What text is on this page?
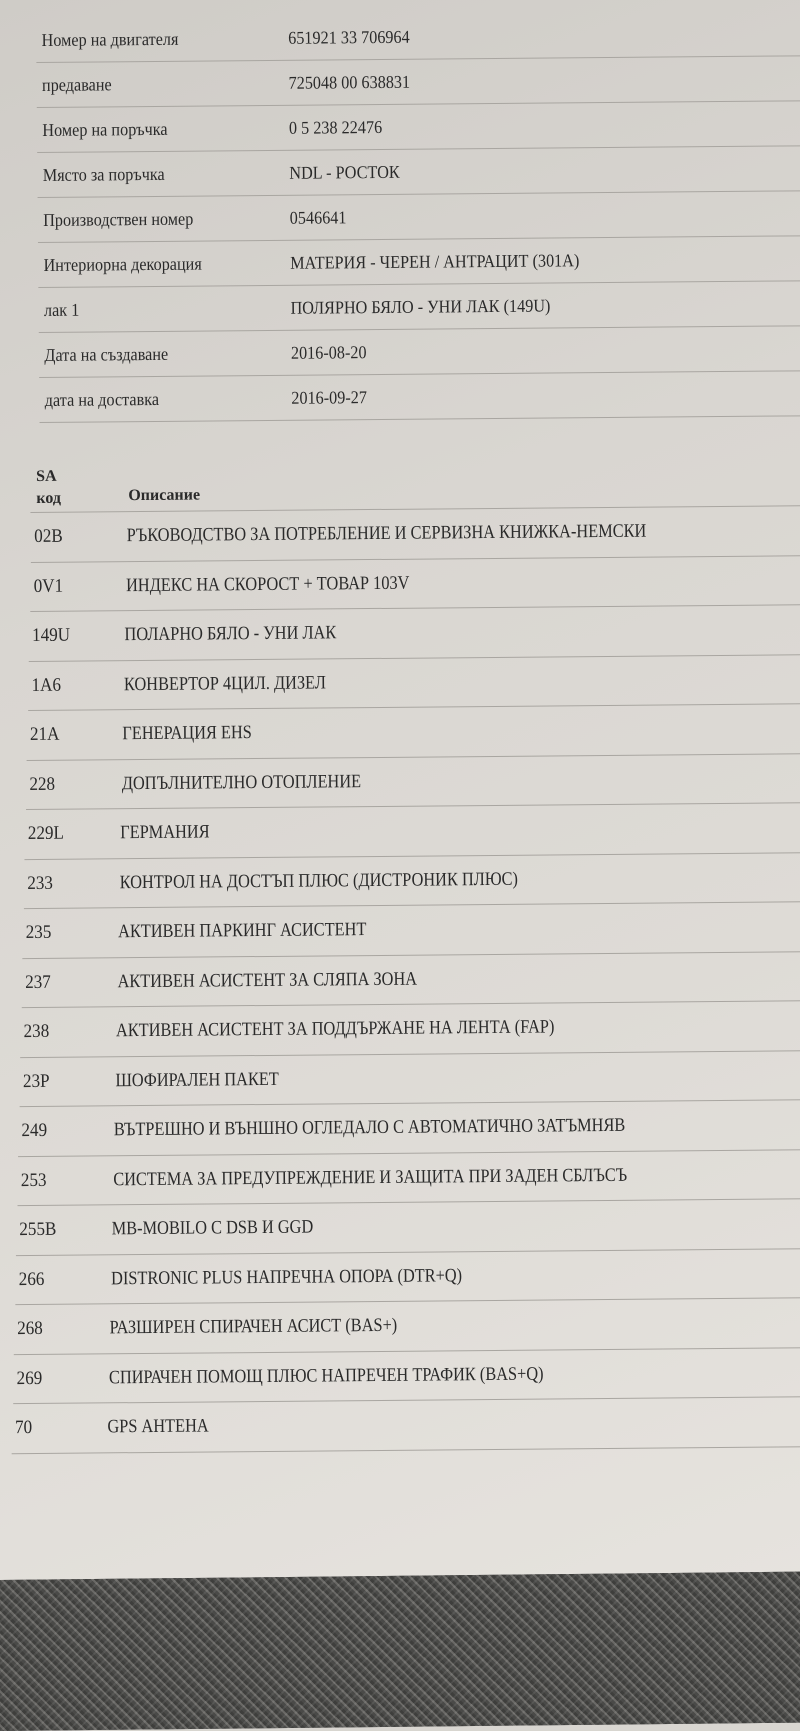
Номер на двигателя	651921 33 706964
предаване	725048 00 638831
Номер на поръчка	0 5 238 22476
Място за поръчка	NDL - РОСТОК
Производствен номер	0546641
Интериорна декорация	МАТЕРИЯ - ЧЕРЕН / АНТРАЦИТ (301A)
лак 1	ПОЛЯРНО БЯЛО - УНИ ЛАК (149U)
Дата на създаване	2016-08-20
дата на доставка	2016-09-27
SA
код	Описание
02B	РЪКОВОДСТВО ЗА ПОТРЕБЛЕНИЕ И СЕРВИЗНА КНИЖКА-НЕМСКИ
0V1	ИНДЕКС НА СКОРОСТ + ТОВАР 103V
149U	ПОЛАРНО БЯЛО - УНИ ЛАК
1A6	КОНВЕРТОР 4ЦИЛ. ДИЗЕЛ
21A	ГЕНЕРАЦИЯ EHS
228	ДОПЪЛНИТЕЛНО ОТОПЛЕНИЕ
229L	ГЕРМАНИЯ
233	КОНТРОЛ НА ДОСТЪП ПЛЮС (ДИСТРОНИК ПЛЮС)
235	АКТИВЕН ПАРКИНГ АСИСТЕНТ
237	АКТИВЕН АСИСТЕНТ ЗА СЛЯПА ЗОНА
238	АКТИВЕН АСИСТЕНТ ЗА ПОДДЪРЖАНЕ НА ЛЕНТА (FAP)
23P	ШОФИРАЛЕН ПАКЕТ
249	ВЪТРЕШНО И ВЪНШНО ОГЛЕДАЛО С АВТОМАТИЧНО ЗАТЪМНЯВ
253	СИСТЕМА ЗА ПРЕДУПРЕЖДЕНИЕ И ЗАЩИТА ПРИ ЗАДЕН СБЛЪСЪ
255B	MB-MOBILO C DSB И GGD
266	DISTRONIC PLUS НАПРЕЧНА ОПОРА (DTR+Q)
268	РАЗШИРЕН СПИРАЧЕН АСИСТ (BAS+)
269	СПИРАЧЕН ПОМОЩ ПЛЮС НАПРЕЧЕН ТРАФИК (BAS+Q)
70	GPS АНТЕНА
